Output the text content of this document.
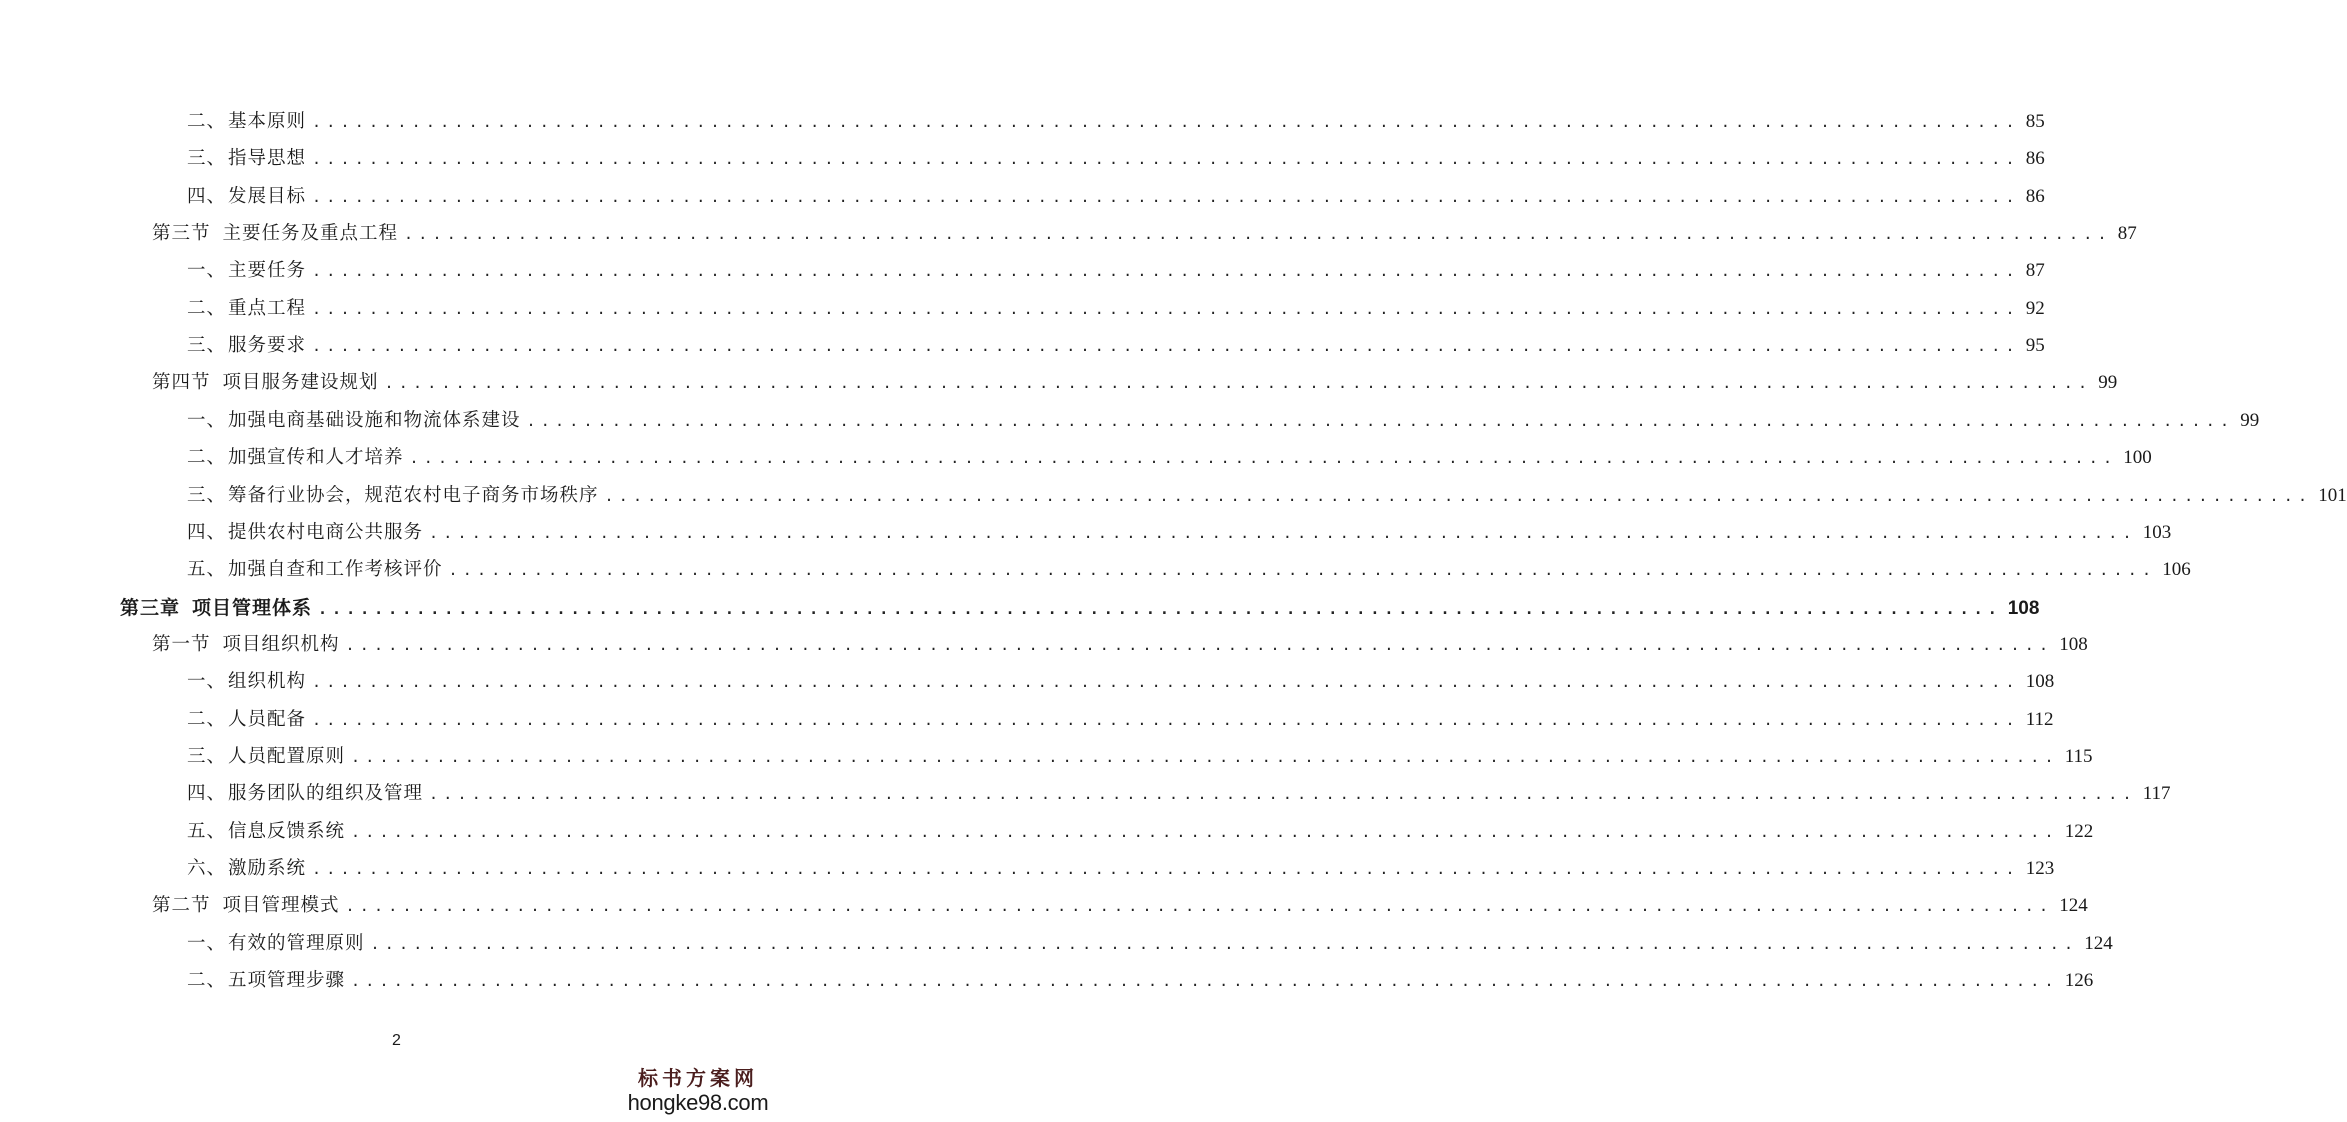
二、 基本原则 ........................................................................................................................ 85
三、 指导思想 ........................................................................................................................ 86
四、 发展目标 ........................................................................................................................ 86
第三节 主要任务及重点工程 ........................................................................................................................ 87
一、 主要任务 ........................................................................................................................ 87
二、 重点工程 ........................................................................................................................ 92
三、 服务要求 ........................................................................................................................ 95
第四节 项目服务建设规划 ........................................................................................................................ 99
一、 加强电商基础设施和物流体系建设 ........................................................................................................................ 99
二、 加强宣传和人才培养 ........................................................................................................................ 100
三、 筹备行业协会，规范农村电子商务市场秩序 ........................................................................................................................ 101
四、 提供农村电商公共服务 ........................................................................................................................ 103
五、 加强自查和工作考核评价 ........................................................................................................................ 106
第三章 项目管理体系 ........................................................................................................................ 108
第一节 项目组织机构 ........................................................................................................................ 108
一、 组织机构 ........................................................................................................................ 108
二、 人员配备 ........................................................................................................................ 112
三、 人员配置原则 ........................................................................................................................ 115
四、 服务团队的组织及管理 ........................................................................................................................ 117
五、 信息反馈系统 ........................................................................................................................ 122
六、 激励系统 ........................................................................................................................ 123
第二节 项目管理模式 ........................................................................................................................ 124
一、 有效的管理原则 ........................................................................................................................ 124
二、 五项管理步骤 ........................................................................................................................ 126
2
标书方案网
hongke98.com
